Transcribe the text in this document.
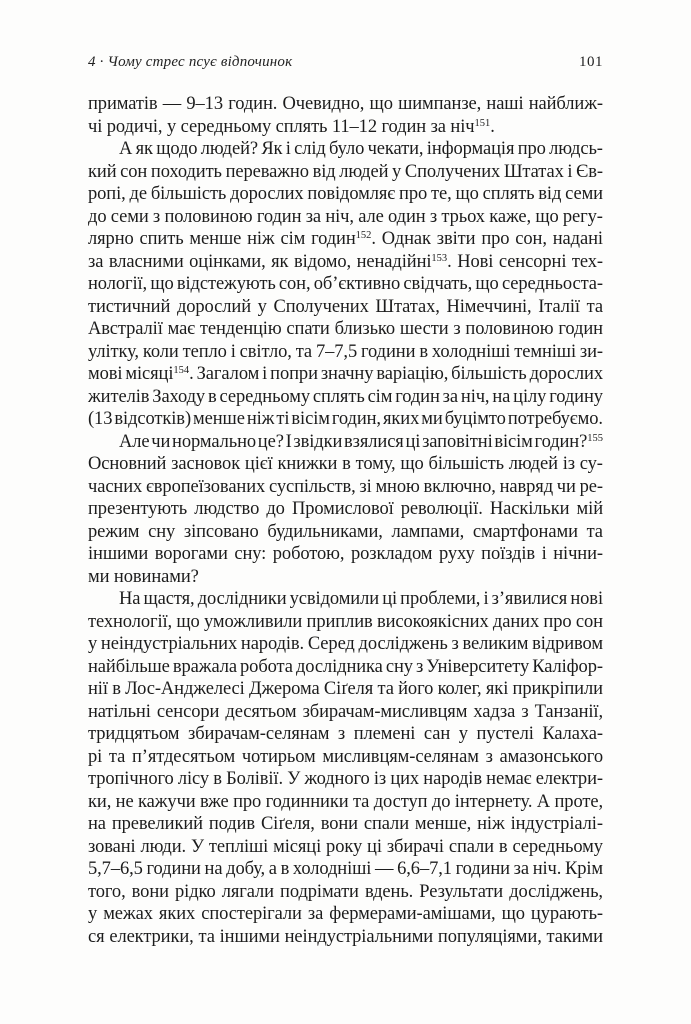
4 · Чому стрес псує відпочинок	101
приматів — 9–13 годин. Очевидно, що шимпанзе, наші найближ-
чі родичі, у середньому сплять 11–12 годин за ніч$^{151}$.
А як щодо людей? Як і слід було чекати, інформація про людсь-
кий сон походить переважно від людей у Сполучених Штатах і Єв-
ропі, де більшість дорослих повідомляє про те, що сплять від семи
до семи з половиною годин за ніч, але один з трьох каже, що регу-
лярно спить менше ніж сім годин$^{152}$. Однак звіти про сон, надані
за власними оцінками, як відомо, ненадійні$^{153}$. Нові сенсорні тех-
нології, що відстежують сон, об’єктивно свідчать, що середньоста-
тистичний дорослий у Сполучених Штатах, Німеччині, Італії та
Австралії має тенденцію спати близько шести з половиною годин
улітку, коли тепло і світло, та 7–7,5 години в холодніші темніші зи-
мові місяці$^{154}$. Загалом і попри значну варіацію, більшість дорослих
жителів Заходу в середньому сплять сім годин за ніч, на цілу годину
(13 відсотків) менше ніж ті вісім годин, яких ми буцімто потребуємо.
Але чи нормально це? І звідки взялися ці заповітні вісім годин?$^{155}$
Основний засновок цієї книжки в тому, що більшість людей із су-
часних європеїзованих суспільств, зі мною включно, навряд чи ре-
презентують людство до Промислової революції. Наскільки мій
режим сну зіпсовано будильниками, лампами, смартфонами та
іншими ворогами сну: роботою, розкладом руху поїздів і нічни-
ми новинами?
На щастя, дослідники усвідомили ці проблеми, і з’явилися нові
технології, що уможливили приплив високоякісних даних про сон
у неіндустріальних народів. Серед досліджень з великим відривом
найбільше вражала робота дослідника сну з Університету Каліфор-
нії в Лос-Анджелесі Джерома Сіґеля та його колег, які прикріпили
натільні сенсори десятьом збирачам-мисливцям хадза з Танзанії,
тридцятьом збирачам-селянам з племені сан у пустелі Калаха-
рі та п’ятдесятьом чотирьом мисливцям-селянам з амазонського
тропічного лісу в Болівії. У жодного із цих народів немає електри-
ки, не кажучи вже про годинники та доступ до інтернету. А проте,
на превеликий подив Сіґеля, вони спали менше, ніж індустріалі-
зовані люди. У тепліші місяці року ці збирачі спали в середньому
5,7–6,5 години на добу, а в холодніші — 6,6–7,1 години за ніч. Крім
того, вони рідко лягали подрімати вдень. Результати досліджень,
у межах яких спостерігали за фермерами-амішами, що цурають-
ся електрики, та іншими неіндустріальними популяціями, такими
